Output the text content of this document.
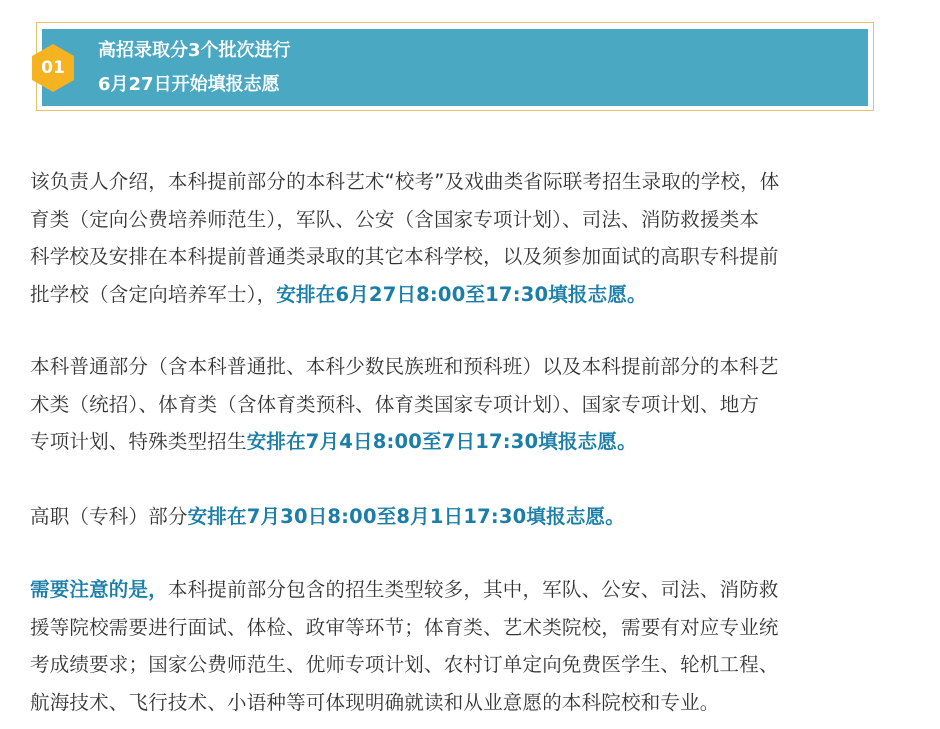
01
高招录取分3个批次进行
6月27日开始填报志愿

该负责人介绍，本科提前部分的本科艺术“校考”及戏曲类省际联考招生录取的学校，体
育类（定向公费培养师范生），军队、公安（含国家专项计划）、司法、消防救援类本
科学校及安排在本科提前普通类录取的其它本科学校，以及须参加面试的高职专科提前
批学校（含定向培养军士），安排在6月27日8:00至17:30填报志愿。

本科普通部分（含本科普通批、本科少数民族班和预科班）以及本科提前部分的本科艺
术类（统招）、体育类（含体育类预科、体育类国家专项计划）、国家专项计划、地方
专项计划、特殊类型招生安排在7月4日8:00至7日17:30填报志愿。

高职（专科）部分安排在7月30日8:00至8月1日17:30填报志愿。

需要注意的是，本科提前部分包含的招生类型较多，其中，军队、公安、司法、消防救
援等院校需要进行面试、体检、政审等环节；体育类、艺术类院校，需要有对应专业统
考成绩要求；国家公费师范生、优师专项计划、农村订单定向免费医学生、轮机工程、
航海技术、飞行技术、小语种等可体现明确就读和从业意愿的本科院校和专业。
